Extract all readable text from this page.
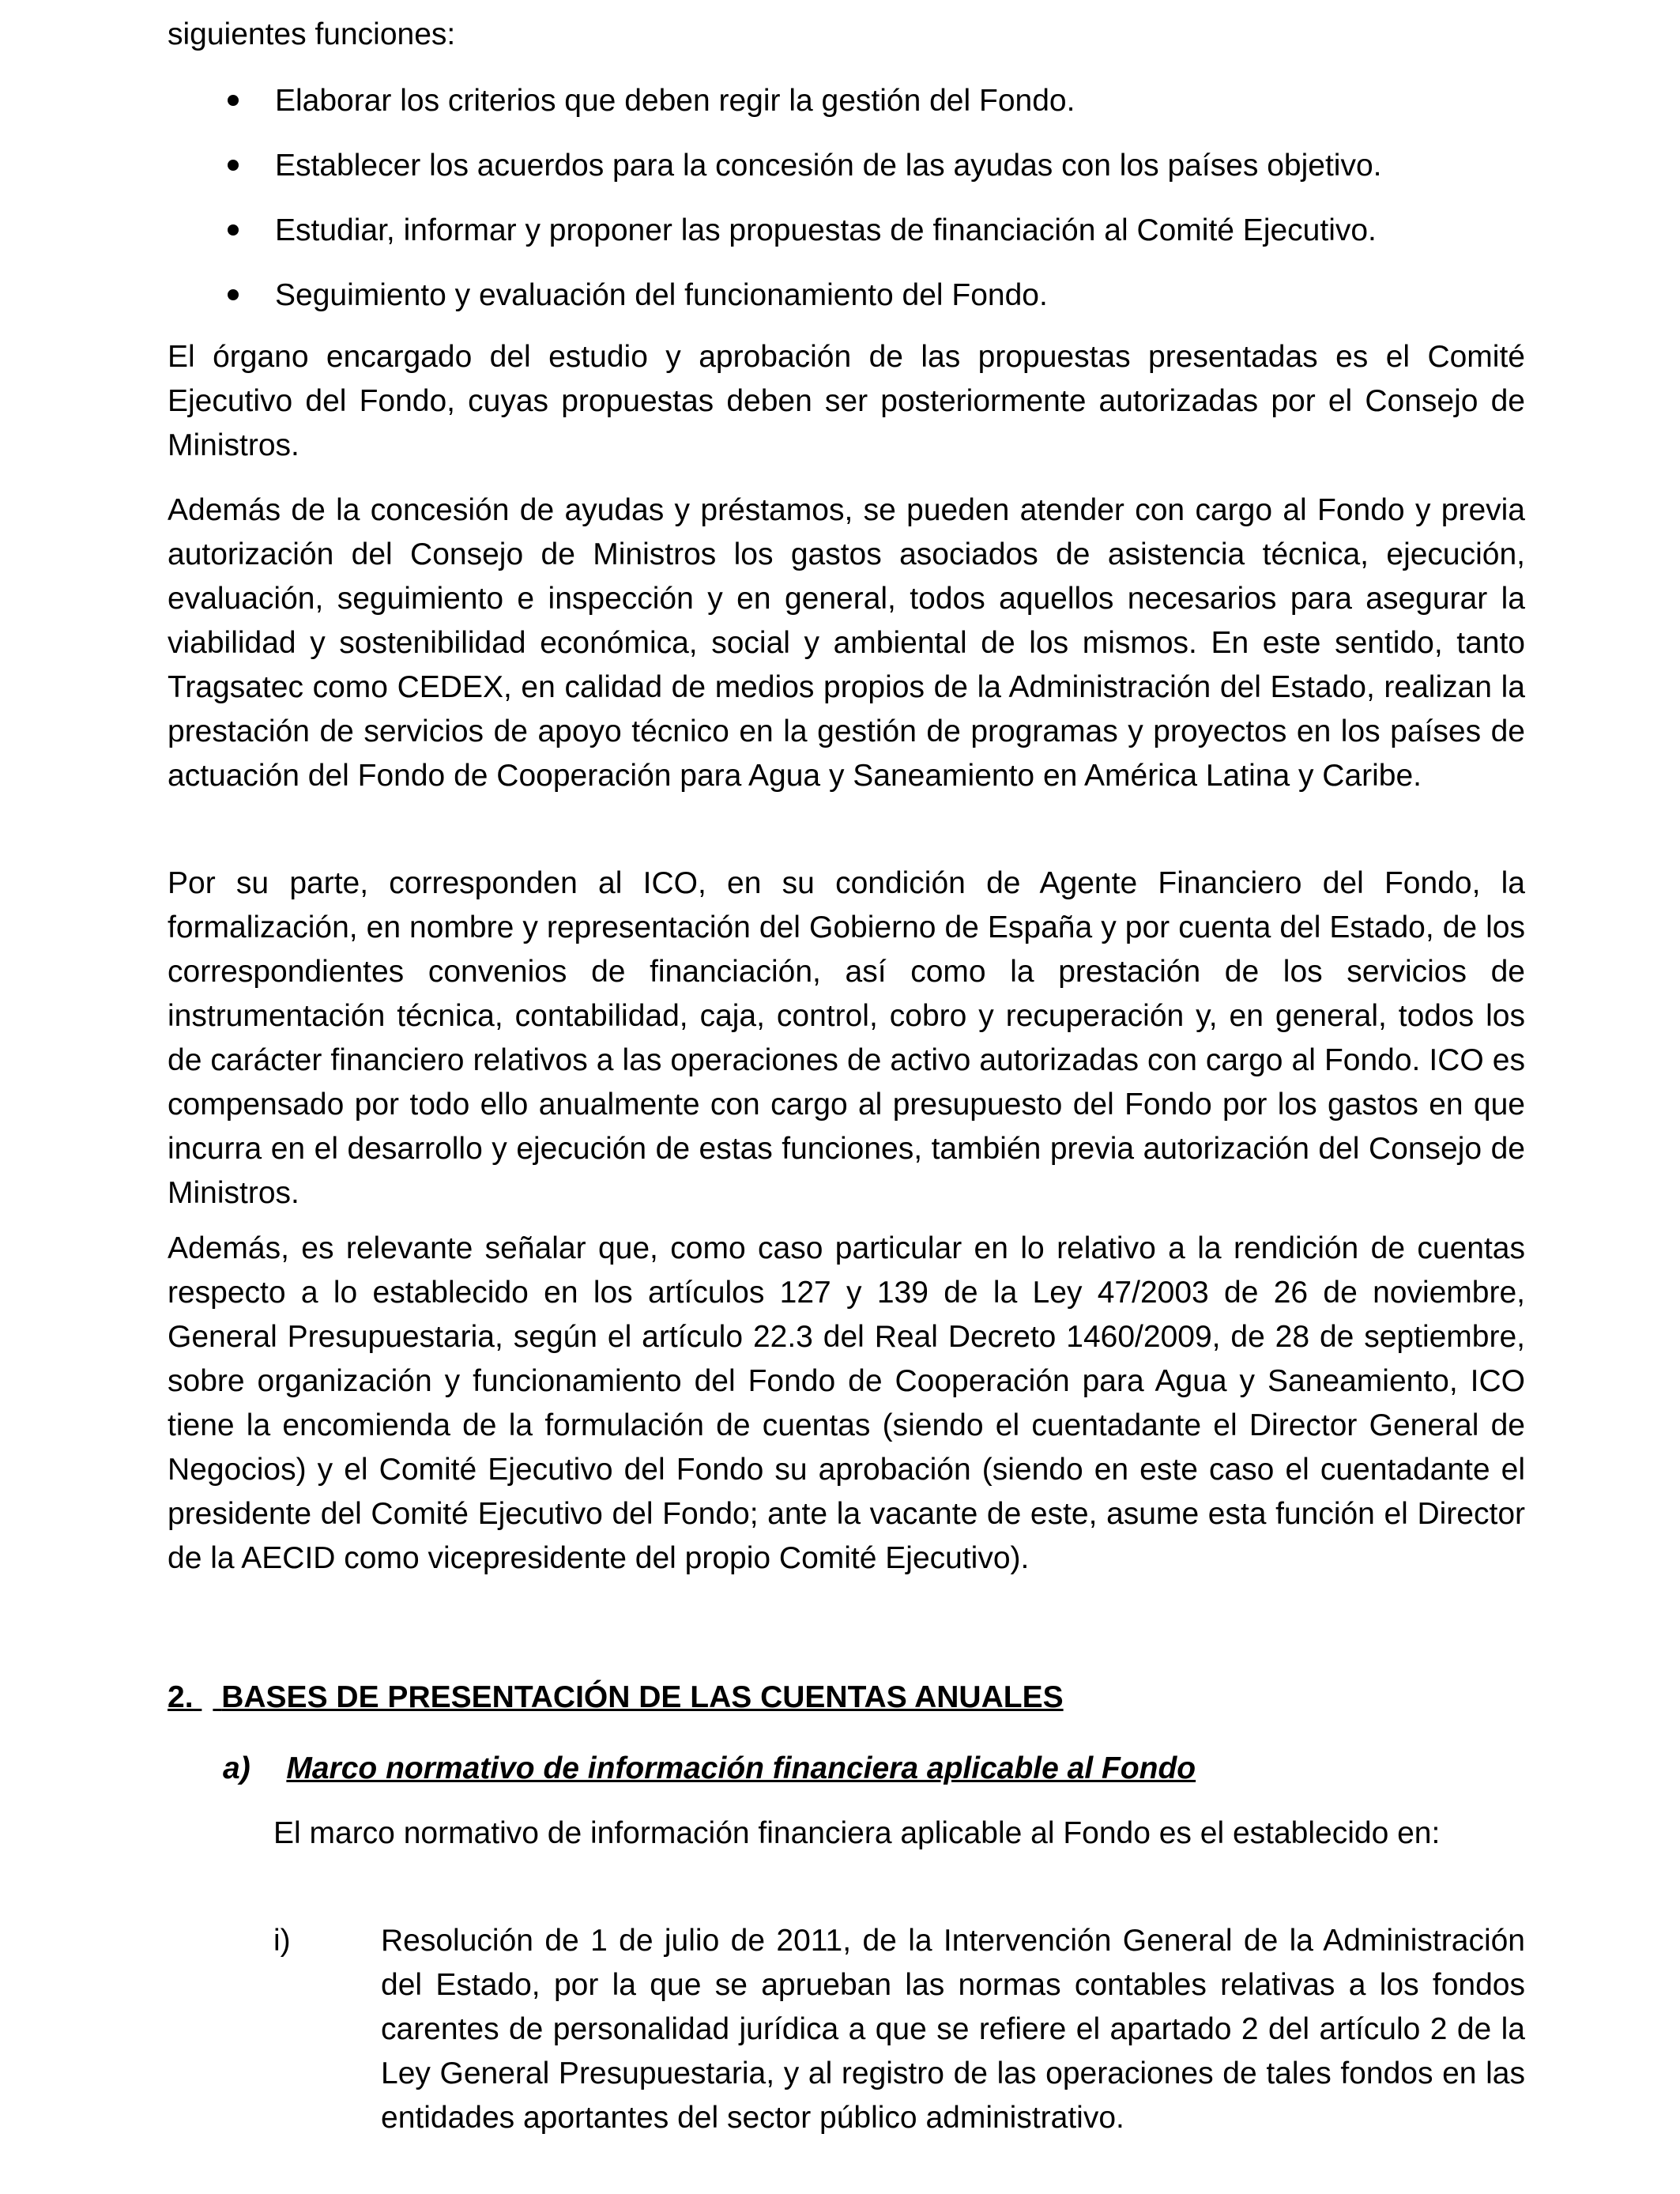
siguientes funciones:

Elaborar los criterios que deben regir la gestión del Fondo.
Establecer los acuerdos para la concesión de las ayudas con los países objetivo.
Estudiar, informar y proponer las propuestas de financiación al Comité Ejecutivo.
Seguimiento y evaluación del funcionamiento del Fondo.

El órgano encargado del estudio y aprobación de las propuestas presentadas es el Comité Ejecutivo del Fondo, cuyas propuestas deben ser posteriormente autorizadas por el Consejo de Ministros.

Además de la concesión de ayudas y préstamos, se pueden atender con cargo al Fondo y previa autorización del Consejo de Ministros los gastos asociados de asistencia técnica, ejecución, evaluación, seguimiento e inspección y en general, todos aquellos necesarios para asegurar la viabilidad y sostenibilidad económica, social y ambiental de los mismos. En este sentido, tanto Tragsatec como CEDEX, en calidad de medios propios de la Administración del Estado, realizan la prestación de servicios de apoyo técnico en la gestión de programas y proyectos en los países de actuación del Fondo de Cooperación para Agua y Saneamiento en América Latina y Caribe.

Por su parte, corresponden al ICO, en su condición de Agente Financiero del Fondo, la formalización, en nombre y representación del Gobierno de España y por cuenta del Estado, de los correspondientes convenios de financiación, así como la prestación de los servicios de instrumentación técnica, contabilidad, caja, control, cobro y recuperación y, en general, todos los de carácter financiero relativos a las operaciones de activo autorizadas con cargo al Fondo. ICO es compensado por todo ello anualmente con cargo al presupuesto del Fondo por los gastos en que incurra en el desarrollo y ejecución de estas funciones, también previa autorización del Consejo de Ministros.

Además, es relevante señalar que, como caso particular en lo relativo a la rendición de cuentas respecto a lo establecido en los artículos 127 y 139 de la Ley 47/2003 de 26 de noviembre, General Presupuestaria, según el artículo 22.3 del Real Decreto 1460/2009, de 28 de septiembre, sobre organización y funcionamiento del Fondo de Cooperación para Agua y Saneamiento, ICO tiene la encomienda de la formulación de cuentas (siendo el cuentadante el Director General de Negocios) y el Comité Ejecutivo del Fondo su aprobación (siendo en este caso el cuentadante el presidente del Comité Ejecutivo del Fondo; ante la vacante de este, asume esta función el Director de la AECID como vicepresidente del propio Comité Ejecutivo).

2. BASES DE PRESENTACIÓN DE LAS CUENTAS ANUALES
a) Marco normativo de información financiera aplicable al Fondo

El marco normativo de información financiera aplicable al Fondo es el establecido en:

i)	Resolución de 1 de julio de 2011, de la Intervención General de la Administración del Estado, por la que se aprueban las normas contables relativas a los fondos carentes de personalidad jurídica a que se refiere el apartado 2 del artículo 2 de la Ley General Presupuestaria, y al registro de las operaciones de tales fondos en las entidades aportantes del sector público administrativo.
